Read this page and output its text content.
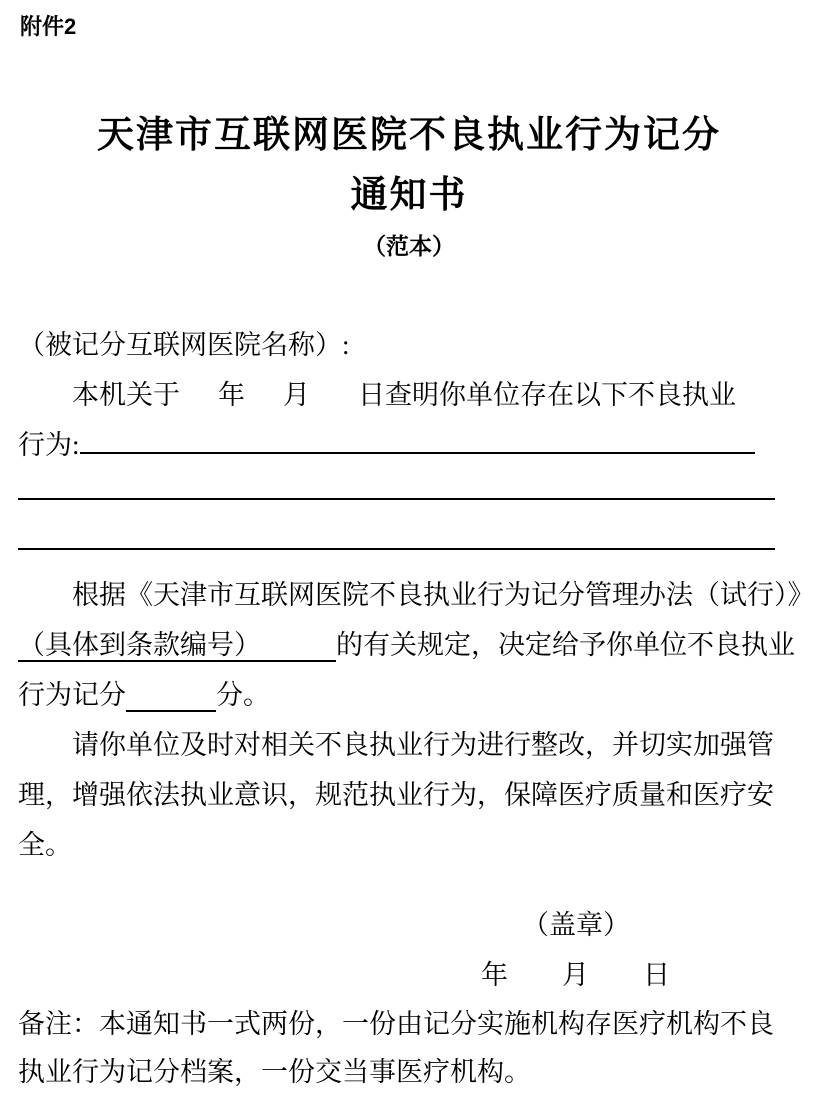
附件2
天津市互联网医院不良执业行为记分
通知书
（范本）
（被记分互联网医院名称）:
本机关于 年 月 日查明你单位存在以下不良执业
行为:
根据《天津市互联网医院不良执业行为记分管理办法（试行）》
（具体到条款编号）	的有关规定，决定给予你单位不良执业
行为记分	分。
请你单位及时对相关不良执业行为进行整改，并切实加强管
理，增强依法执业意识，规范执业行为，保障医疗质量和医疗安
全。
（盖章）
年　　月　　日
备注：本通知书一式两份，一份由记分实施机构存医疗机构不良
执业行为记分档案，一份交当事医疗机构。
